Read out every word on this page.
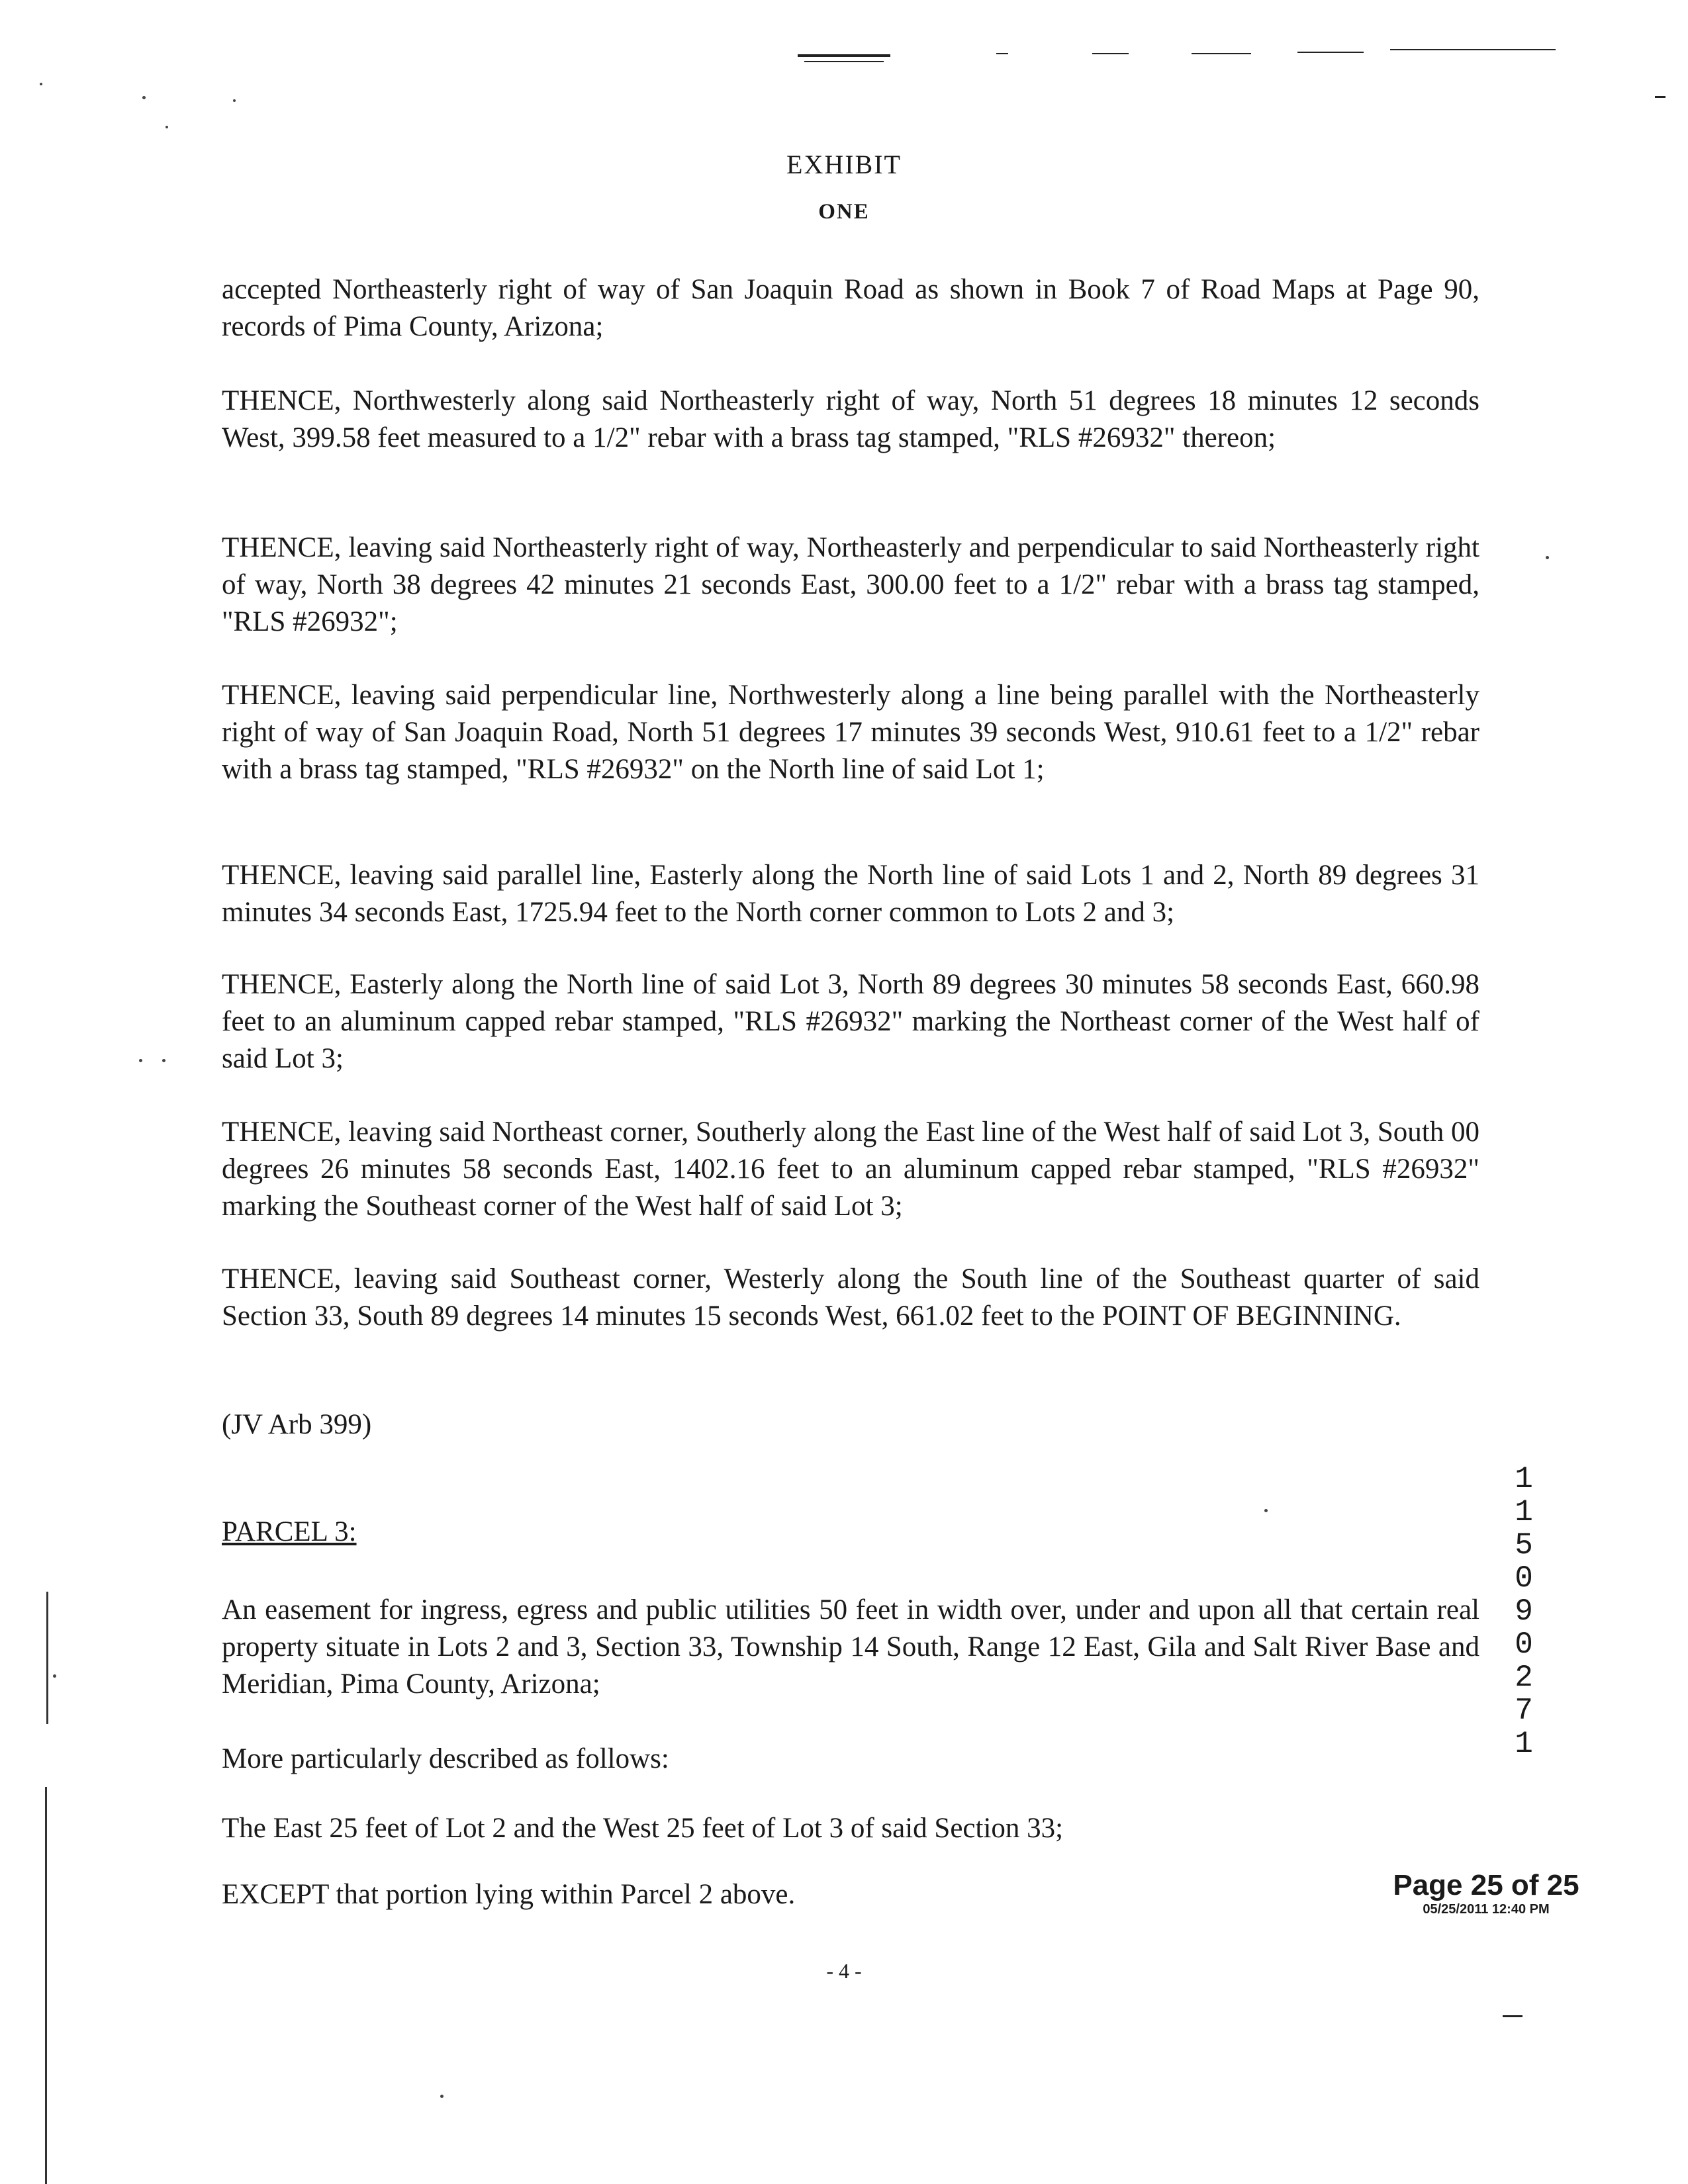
EXHIBIT
ONE

accepted Northeasterly right of way of San Joaquin Road as shown in Book 7 of Road Maps at Page 90, records of Pima County, Arizona;

THENCE, Northwesterly along said Northeasterly right of way, North 51 degrees 18 minutes 12 seconds West, 399.58 feet measured to a 1/2" rebar with a brass tag stamped, "RLS #26932" thereon;

THENCE, leaving said Northeasterly right of way, Northeasterly and perpendicular to said Northeasterly right of way, North 38 degrees 42 minutes 21 seconds East, 300.00 feet to a 1/2" rebar with a brass tag stamped, "RLS #26932";

THENCE, leaving said perpendicular line, Northwesterly along a line being parallel with the Northeasterly right of way of San Joaquin Road, North 51 degrees 17 minutes 39 seconds West, 910.61 feet to a 1/2" rebar with a brass tag stamped, "RLS #26932" on the North line of said Lot 1;

THENCE, leaving said parallel line, Easterly along the North line of said Lots 1 and 2, North 89 degrees 31 minutes 34 seconds East, 1725.94 feet to the North corner common to Lots 2 and 3;

THENCE, Easterly along the North line of said Lot 3, North 89 degrees 30 minutes 58 seconds East, 660.98 feet to an aluminum capped rebar stamped, "RLS #26932" marking the Northeast corner of the West half of said Lot 3;

THENCE, leaving said Northeast corner, Southerly along the East line of the West half of said Lot 3, South 00 degrees 26 minutes 58 seconds East, 1402.16 feet to an aluminum capped rebar stamped, "RLS #26932" marking the Southeast corner of the West half of said Lot 3;

THENCE, leaving said Southeast corner, Westerly along the South line of the Southeast quarter of said Section 33, South 89 degrees 14 minutes 15 seconds West, 661.02 feet to the POINT OF BEGINNING.

(JV Arb 399)

PARCEL 3:

An easement for ingress, egress and public utilities 50 feet in width over, under and upon all that certain real property situate in Lots 2 and 3, Section 33, Township 14 South, Range 12 East, Gila and Salt River Base and Meridian, Pima County, Arizona;

More particularly described as follows:

The East 25 feet of Lot 2 and the West 25 feet of Lot 3 of said Section 33;

EXCEPT that portion lying within Parcel 2 above.

11509 0271
Page 25 of 25
05/25/2011 12:40 PM
- 4 -
